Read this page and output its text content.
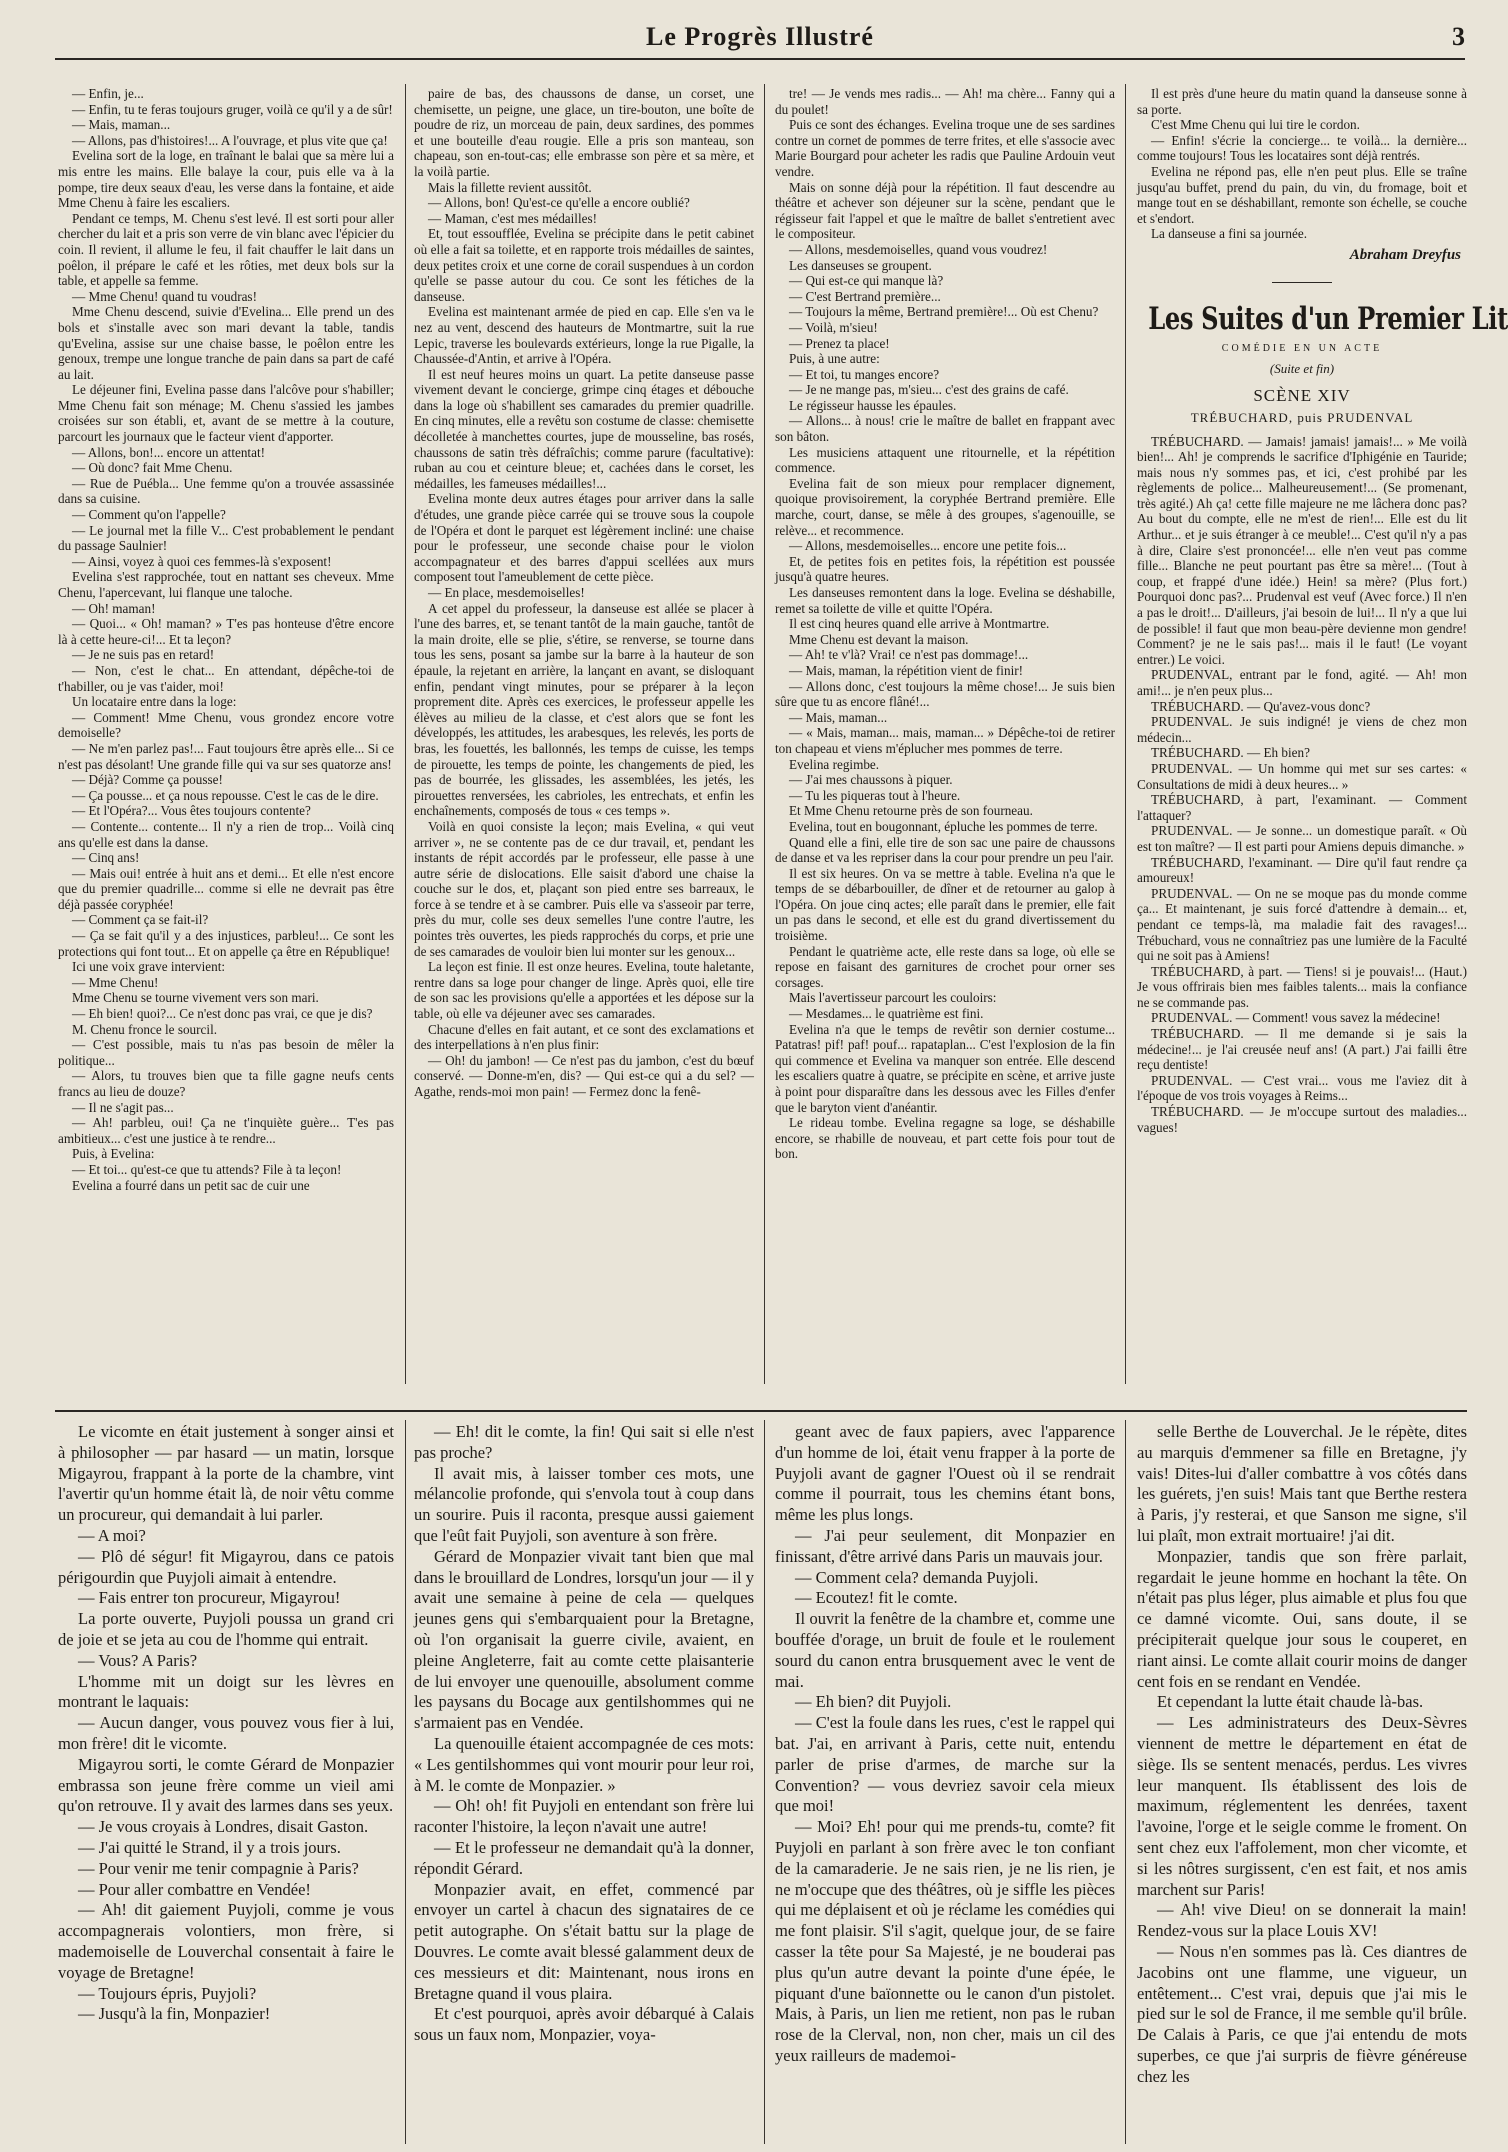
Le Progrès Illustré	3

— Enfin, je...

— Enfin, tu te feras toujours gruger, voilà ce qu'il y a de sûr!

— Mais, maman...

— Allons, pas d'histoires!... A l'ouvrage, et plus vite que ça!

Evelina sort de la loge, en traînant le balai que sa mère lui a mis entre les mains. Elle balaye la cour, puis elle va à la pompe, tire deux seaux d'eau, les verse dans la fontaine, et aide Mme Chenu à faire les escaliers.

Pendant ce temps, M. Chenu s'est levé. Il est sorti pour aller chercher du lait et a pris son verre de vin blanc avec l'épicier du coin. Il revient, il allume le feu, il fait chauffer le lait dans un poêlon, il prépare le café et les rôties, met deux bols sur la table, et appelle sa femme.

— Mme Chenu! quand tu voudras!

Mme Chenu descend, suivie d'Evelina... Elle prend un des bols et s'installe avec son mari devant la table, tandis qu'Evelina, assise sur une chaise basse, le poêlon entre les genoux, trempe une longue tranche de pain dans sa part de café au lait.

Le déjeuner fini, Evelina passe dans l'alcôve pour s'habiller; Mme Chenu fait son ménage; M. Chenu s'assied les jambes croisées sur son établi, et, avant de se mettre à la couture, parcourt les journaux que le facteur vient d'apporter.

— Allons, bon!... encore un attentat!

— Où donc? fait Mme Chenu.

— Rue de Puébla... Une femme qu'on a trouvée assassinée dans sa cuisine.

— Comment qu'on l'appelle?

— Le journal met la fille V... C'est probablement le pendant du passage Saulnier!

— Ainsi, voyez à quoi ces femmes-là s'exposent!

Evelina s'est rapprochée, tout en nattant ses cheveux. Mme Chenu, l'apercevant, lui flanque une taloche.

— Oh! maman!

— Quoi... « Oh! maman? » T'es pas honteuse d'être encore là à cette heure-ci!... Et ta leçon?

— Je ne suis pas en retard!

— Non, c'est le chat... En attendant, dépêche-toi de t'habiller, ou je vas t'aider, moi!

Un locataire entre dans la loge:

— Comment! Mme Chenu, vous grondez encore votre demoiselle?

— Ne m'en parlez pas!... Faut toujours être après elle... Si ce n'est pas désolant! Une grande fille qui va sur ses quatorze ans!

— Déjà? Comme ça pousse!

— Ça pousse... et ça nous repousse. C'est le cas de le dire.

— Et l'Opéra?... Vous êtes toujours contente?

— Contente... contente... Il n'y a rien de trop... Voilà cinq ans qu'elle est dans la danse.

— Cinq ans!

— Mais oui! entrée à huit ans et demi... Et elle n'est encore que du premier quadrille... comme si elle ne devrait pas être déjà passée coryphée!

— Comment ça se fait-il?

— Ça se fait qu'il y a des injustices, parbleu!... Ce sont les protections qui font tout... Et on appelle ça être en République!

Ici une voix grave intervient:

— Mme Chenu!

Mme Chenu se tourne vivement vers son mari.

— Eh bien! quoi?... Ce n'est donc pas vrai, ce que je dis?

M. Chenu fronce le sourcil.

— C'est possible, mais tu n'as pas besoin de mêler la politique...

— Alors, tu trouves bien que ta fille gagne neufs cents francs au lieu de douze?

— Il ne s'agit pas...

— Ah! parbleu, oui! Ça ne t'inquiète guère... T'es pas ambitieux... c'est une justice à te rendre...

Puis, à Evelina:

— Et toi... qu'est-ce que tu attends? File à ta leçon!

Evelina a fourré dans un petit sac de cuir une

paire de bas, des chaussons de danse, un corset, une chemisette, un peigne, une glace, un tire-bouton, une boîte de poudre de riz, un morceau de pain, deux sardines, des pommes et une bouteille d'eau rougie. Elle a pris son manteau, son chapeau, son en-tout-cas; elle embrasse son père et sa mère, et la voilà partie.

Mais la fillette revient aussitôt.

— Allons, bon! Qu'est-ce qu'elle a encore oublié?

— Maman, c'est mes médailles!

Et, tout essoufflée, Evelina se précipite dans le petit cabinet où elle a fait sa toilette, et en rapporte trois médailles de saintes, deux petites croix et une corne de corail suspendues à un cordon qu'elle se passe autour du cou. Ce sont les fétiches de la danseuse.

Evelina est maintenant armée de pied en cap. Elle s'en va le nez au vent, descend des hauteurs de Montmartre, suit la rue Lepic, traverse les boulevards extérieurs, longe la rue Pigalle, la Chaussée-d'Antin, et arrive à l'Opéra.

Il est neuf heures moins un quart. La petite danseuse passe vivement devant le concierge, grimpe cinq étages et débouche dans la loge où s'habillent ses camarades du premier quadrille. En cinq minutes, elle a revêtu son costume de classe: chemisette décolletée à manchettes courtes, jupe de mousseline, bas rosés, chaussons de satin très défraîchis; comme parure (facultative): ruban au cou et ceinture bleue; et, cachées dans le corset, les médailles, les fameuses médailles!...

Evelina monte deux autres étages pour arriver dans la salle d'études, une grande pièce carrée qui se trouve sous la coupole de l'Opéra et dont le parquet est légèrement incliné: une chaise pour le professeur, une seconde chaise pour le violon accompagnateur et des barres d'appui scellées aux murs composent tout l'ameublement de cette pièce.

— En place, mesdemoiselles!

A cet appel du professeur, la danseuse est allée se placer à l'une des barres, et, se tenant tantôt de la main gauche, tantôt de la main droite, elle se plie, s'étire, se renverse, se tourne dans tous les sens, posant sa jambe sur la barre à la hauteur de son épaule, la rejetant en arrière, la lançant en avant, se disloquant enfin, pendant vingt minutes, pour se préparer à la leçon proprement dite. Après ces exercices, le professeur appelle les élèves au milieu de la classe, et c'est alors que se font les développés, les attitudes, les arabesques, les relevés, les ports de bras, les fouettés, les ballonnés, les temps de cuisse, les temps de pirouette, les temps de pointe, les changements de pied, les pas de bourrée, les glissades, les assemblées, les jetés, les pirouettes renversées, les cabrioles, les entrechats, et enfin les enchaînements, composés de tous « ces temps ».

Voilà en quoi consiste la leçon; mais Evelina, « qui veut arriver », ne se contente pas de ce dur travail, et, pendant les instants de répit accordés par le professeur, elle passe à une autre série de dislocations. Elle saisit d'abord une chaise la couche sur le dos, et, plaçant son pied entre ses barreaux, le force à se tendre et à se cambrer. Puis elle va s'asseoir par terre, près du mur, colle ses deux semelles l'une contre l'autre, les pointes très ouvertes, les pieds rapprochés du corps, et prie une de ses camarades de vouloir bien lui monter sur les genoux...

La leçon est finie. Il est onze heures. Evelina, toute haletante, rentre dans sa loge pour changer de linge. Après quoi, elle tire de son sac les provisions qu'elle a apportées et les dépose sur la table, où elle va déjeuner avec ses camarades.

Chacune d'elles en fait autant, et ce sont des exclamations et des interpellations à n'en plus finir:

— Oh! du jambon! — Ce n'est pas du jambon, c'est du bœuf conservé. — Donne-m'en, dis? — Qui est-ce qui a du sel? — Agathe, rends-moi mon pain! — Fermez donc la fenê-

tre! — Je vends mes radis... — Ah! ma chère... Fanny qui a du poulet!

Puis ce sont des échanges. Evelina troque une de ses sardines contre un cornet de pommes de terre frites, et elle s'associe avec Marie Bourgard pour acheter les radis que Pauline Ardouin veut vendre.

Mais on sonne déjà pour la répétition. Il faut descendre au théâtre et achever son déjeuner sur la scène, pendant que le régisseur fait l'appel et que le maître de ballet s'entretient avec le compositeur.

— Allons, mesdemoiselles, quand vous voudrez!

Les danseuses se groupent.

— Qui est-ce qui manque là?

— C'est Bertrand première...

— Toujours la même, Bertrand première!... Où est Chenu?

— Voilà, m'sieu!

— Prenez ta place!

Puis, à une autre:

— Et toi, tu manges encore?

— Je ne mange pas, m'sieu... c'est des grains de café.

Le régisseur hausse les épaules.

— Allons... à nous! crie le maître de ballet en frappant avec son bâton.

Les musiciens attaquent une ritournelle, et la répétition commence.

Evelina fait de son mieux pour remplacer dignement, quoique provisoirement, la coryphée Bertrand première. Elle marche, court, danse, se mêle à des groupes, s'agenouille, se relève... et recommence.

— Allons, mesdemoiselles... encore une petite fois...

Et, de petites fois en petites fois, la répétition est poussée jusqu'à quatre heures.

Les danseuses remontent dans la loge. Evelina se déshabille, remet sa toilette de ville et quitte l'Opéra.

Il est cinq heures quand elle arrive à Montmartre.

Mme Chenu est devant la maison.

— Ah! te v'là? Vrai! ce n'est pas dommage!...

— Mais, maman, la répétition vient de finir!

— Allons donc, c'est toujours la même chose!... Je suis bien sûre que tu as encore flâné!...

— Mais, maman...

— « Mais, maman... mais, maman... » Dépêche-toi de retirer ton chapeau et viens m'éplucher mes pommes de terre.

Evelina regimbe.

— J'ai mes chaussons à piquer.

— Tu les piqueras tout à l'heure.

Et Mme Chenu retourne près de son fourneau.

Evelina, tout en bougonnant, épluche les pommes de terre.

Quand elle a fini, elle tire de son sac une paire de chaussons de danse et va les repriser dans la cour pour prendre un peu l'air.

Il est six heures. On va se mettre à table. Evelina n'a que le temps de se débarbouiller, de dîner et de retourner au galop à l'Opéra. On joue cinq actes; elle paraît dans le premier, elle fait un pas dans le second, et elle est du grand divertissement du troisième.

Pendant le quatrième acte, elle reste dans sa loge, où elle se repose en faisant des garnitures de crochet pour orner ses corsages.

Mais l'avertisseur parcourt les couloirs:

— Mesdames... le quatrième est fini.

Evelina n'a que le temps de revêtir son dernier costume... Patatras! pif! paf! pouf... rapataplan... C'est l'explosion de la fin qui commence et Evelina va manquer son entrée. Elle descend les escaliers quatre à quatre, se précipite en scène, et arrive juste à point pour disparaître dans les dessous avec les Filles d'enfer que le baryton vient d'anéantir.

Le rideau tombe. Evelina regagne sa loge, se déshabille encore, se rhabille de nouveau, et part cette fois pour tout de bon.

Il est près d'une heure du matin quand la danseuse sonne à sa porte.

C'est Mme Chenu qui lui tire le cordon.

— Enfin! s'écrie la concierge... te voilà... la dernière... comme toujours! Tous les locataires sont déjà rentrés.

Evelina ne répond pas, elle n'en peut plus. Elle se traîne jusqu'au buffet, prend du pain, du vin, du fromage, boit et mange tout en se déshabillant, remonte son échelle, se couche et s'endort.

La danseuse a fini sa journée.

Abraham Dreyfus
Les Suites d'un Premier Lit
COMÉDIE EN UN ACTE
(Suite et fin)
SCÈNE XIV
TRÉBUCHARD, puis PRUDENVAL

TRÉBUCHARD. — Jamais! jamais! jamais!... » Me voilà bien!... Ah! je comprends le sacrifice d'Iphigénie en Tauride; mais nous n'y sommes pas, et ici, c'est prohibé par les règlements de police... Malheureusement!... (Se promenant, très agité.) Ah ça! cette fille majeure ne me lâchera donc pas? Au bout du compte, elle ne m'est de rien!... Elle est du lit Arthur... et je suis étranger à ce meuble!... C'est qu'il n'y a pas à dire, Claire s'est prononcée!... elle n'en veut pas comme fille... Blanche ne peut pourtant pas être sa mère!... (Tout à coup, et frappé d'une idée.) Hein! sa mère? (Plus fort.) Pourquoi donc pas?... Prudenval est veuf (Avec force.) Il n'en a pas le droit!... D'ailleurs, j'ai besoin de lui!... Il n'y a que lui de possible! il faut que mon beau-père devienne mon gendre! Comment? je ne le sais pas!... mais il le faut! (Le voyant entrer.) Le voici.

PRUDENVAL, entrant par le fond, agité. — Ah! mon ami!... je n'en peux plus...

TRÉBUCHARD. — Qu'avez-vous donc?

PRUDENVAL. Je suis indigné! je viens de chez mon médecin...

TRÉBUCHARD. — Eh bien?

PRUDENVAL. — Un homme qui met sur ses cartes: « Consultations de midi à deux heures... »

TRÉBUCHARD, à part, l'examinant. — Comment l'attaquer?

PRUDENVAL. — Je sonne... un domestique paraît. « Où est ton maître? — Il est parti pour Amiens depuis dimanche. »

TRÉBUCHARD, l'examinant. — Dire qu'il faut rendre ça amoureux!

PRUDENVAL. — On ne se moque pas du monde comme ça... Et maintenant, je suis forcé d'attendre à demain... et, pendant ce temps-là, ma maladie fait des ravages!... Trébuchard, vous ne connaîtriez pas une lumière de la Faculté qui ne soit pas à Amiens!

TRÉBUCHARD, à part. — Tiens! si je pouvais!... (Haut.) Je vous offrirais bien mes faibles talents... mais la confiance ne se commande pas.

PRUDENVAL. — Comment! vous savez la médecine!

TRÉBUCHARD. — Il me demande si je sais la médecine!... je l'ai creusée neuf ans! (A part.) J'ai failli être reçu dentiste!

PRUDENVAL. — C'est vrai... vous me l'aviez dit à l'époque de vos trois voyages à Reims...

TRÉBUCHARD. — Je m'occupe surtout des maladies... vagues!

Le vicomte en était justement à songer ainsi et à philosopher — par hasard — un matin, lorsque Migayrou, frappant à la porte de la chambre, vint l'avertir qu'un homme était là, de noir vêtu comme un procureur, qui demandait à lui parler.

— A moi?

— Plô dé ségur! fit Migayrou, dans ce patois périgourdin que Puyjoli aimait à entendre.

— Fais entrer ton procureur, Migayrou!

La porte ouverte, Puyjoli poussa un grand cri de joie et se jeta au cou de l'homme qui entrait.

— Vous? A Paris?

L'homme mit un doigt sur les lèvres en montrant le laquais:

— Aucun danger, vous pouvez vous fier à lui, mon frère! dit le vicomte.

Migayrou sorti, le comte Gérard de Monpazier embrassa son jeune frère comme un vieil ami qu'on retrouve. Il y avait des larmes dans ses yeux.

— Je vous croyais à Londres, disait Gaston.

— J'ai quitté le Strand, il y a trois jours.

— Pour venir me tenir compagnie à Paris?

— Pour aller combattre en Vendée!

— Ah! dit gaiement Puyjoli, comme je vous accompagnerais volontiers, mon frère, si mademoiselle de Louverchal consentait à faire le voyage de Bretagne!

— Toujours épris, Puyjoli?

— Jusqu'à la fin, Monpazier!

— Eh! dit le comte, la fin! Qui sait si elle n'est pas proche?

Il avait mis, à laisser tomber ces mots, une mélancolie profonde, qui s'envola tout à coup dans un sourire. Puis il raconta, presque aussi gaiement que l'eût fait Puyjoli, son aventure à son frère.

Gérard de Monpazier vivait tant bien que mal dans le brouillard de Londres, lorsqu'un jour — il y avait une semaine à peine de cela — quelques jeunes gens qui s'embarquaient pour la Bretagne, où l'on organisait la guerre civile, avaient, en pleine Angleterre, fait au comte cette plaisanterie de lui envoyer une quenouille, absolument comme les paysans du Bocage aux gentilshommes qui ne s'armaient pas en Vendée.

La quenouille étaient accompagnée de ces mots: « Les gentilshommes qui vont mourir pour leur roi, à M. le comte de Monpazier. »

— Oh! oh! fit Puyjoli en entendant son frère lui raconter l'histoire, la leçon n'avait une autre!

— Et le professeur ne demandait qu'à la donner, répondit Gérard.

Monpazier avait, en effet, commencé par envoyer un cartel à chacun des signataires de ce petit autographe. On s'était battu sur la plage de Douvres. Le comte avait blessé galamment deux de ces messieurs et dit: Maintenant, nous irons en Bretagne quand il vous plaira.

Et c'est pourquoi, après avoir débarqué à Calais sous un faux nom, Monpazier, voya-

geant avec de faux papiers, avec l'apparence d'un homme de loi, était venu frapper à la porte de Puyjoli avant de gagner l'Ouest où il se rendrait comme il pourrait, tous les chemins étant bons, même les plus longs.

— J'ai peur seulement, dit Monpazier en finissant, d'être arrivé dans Paris un mauvais jour.

— Comment cela? demanda Puyjoli.

— Ecoutez! fit le comte.

Il ouvrit la fenêtre de la chambre et, comme une bouffée d'orage, un bruit de foule et le roulement sourd du canon entra brusquement avec le vent de mai.

— Eh bien? dit Puyjoli.

— C'est la foule dans les rues, c'est le rappel qui bat. J'ai, en arrivant à Paris, cette nuit, entendu parler de prise d'armes, de marche sur la Convention? — vous devriez savoir cela mieux que moi!

— Moi? Eh! pour qui me prends-tu, comte? fit Puyjoli en parlant à son frère avec le ton confiant de la camaraderie. Je ne sais rien, je ne lis rien, je ne m'occupe que des théâtres, où je siffle les pièces qui me déplaisent et où je réclame les comédies qui me font plaisir. S'il s'agit, quelque jour, de se faire casser la tête pour Sa Majesté, je ne bouderai pas plus qu'un autre devant la pointe d'une épée, le piquant d'une baïonnette ou le canon d'un pistolet. Mais, à Paris, un lien me retient, non pas le ruban rose de la Clerval, non, non cher, mais un cil des yeux railleurs de mademoi-

selle Berthe de Louverchal. Je le répète, dites au marquis d'emmener sa fille en Bretagne, j'y vais! Dites-lui d'aller combattre à vos côtés dans les guérets, j'en suis! Mais tant que Berthe restera à Paris, j'y resterai, et que Sanson me signe, s'il lui plaît, mon extrait mortuaire! j'ai dit.

Monpazier, tandis que son frère parlait, regardait le jeune homme en hochant la tête. On n'était pas plus léger, plus aimable et plus fou que ce damné vicomte. Oui, sans doute, il se précipiterait quelque jour sous le couperet, en riant ainsi. Le comte allait courir moins de danger cent fois en se rendant en Vendée.

Et cependant la lutte était chaude là-bas.

— Les administrateurs des Deux-Sèvres viennent de mettre le département en état de siège. Ils se sentent menacés, perdus. Les vivres leur manquent. Ils établissent des lois de maximum, réglementent les denrées, taxent l'avoine, l'orge et le seigle comme le froment. On sent chez eux l'affolement, mon cher vicomte, et si les nôtres surgissent, c'en est fait, et nos amis marchent sur Paris!

— Ah! vive Dieu! on se donnerait la main! Rendez-vous sur la place Louis XV!

— Nous n'en sommes pas là. Ces diantres de Jacobins ont une flamme, une vigueur, un entêtement... C'est vrai, depuis que j'ai mis le pied sur le sol de France, il me semble qu'il brûle. De Calais à Paris, ce que j'ai entendu de mots superbes, ce que j'ai surpris de fièvre généreuse chez les
